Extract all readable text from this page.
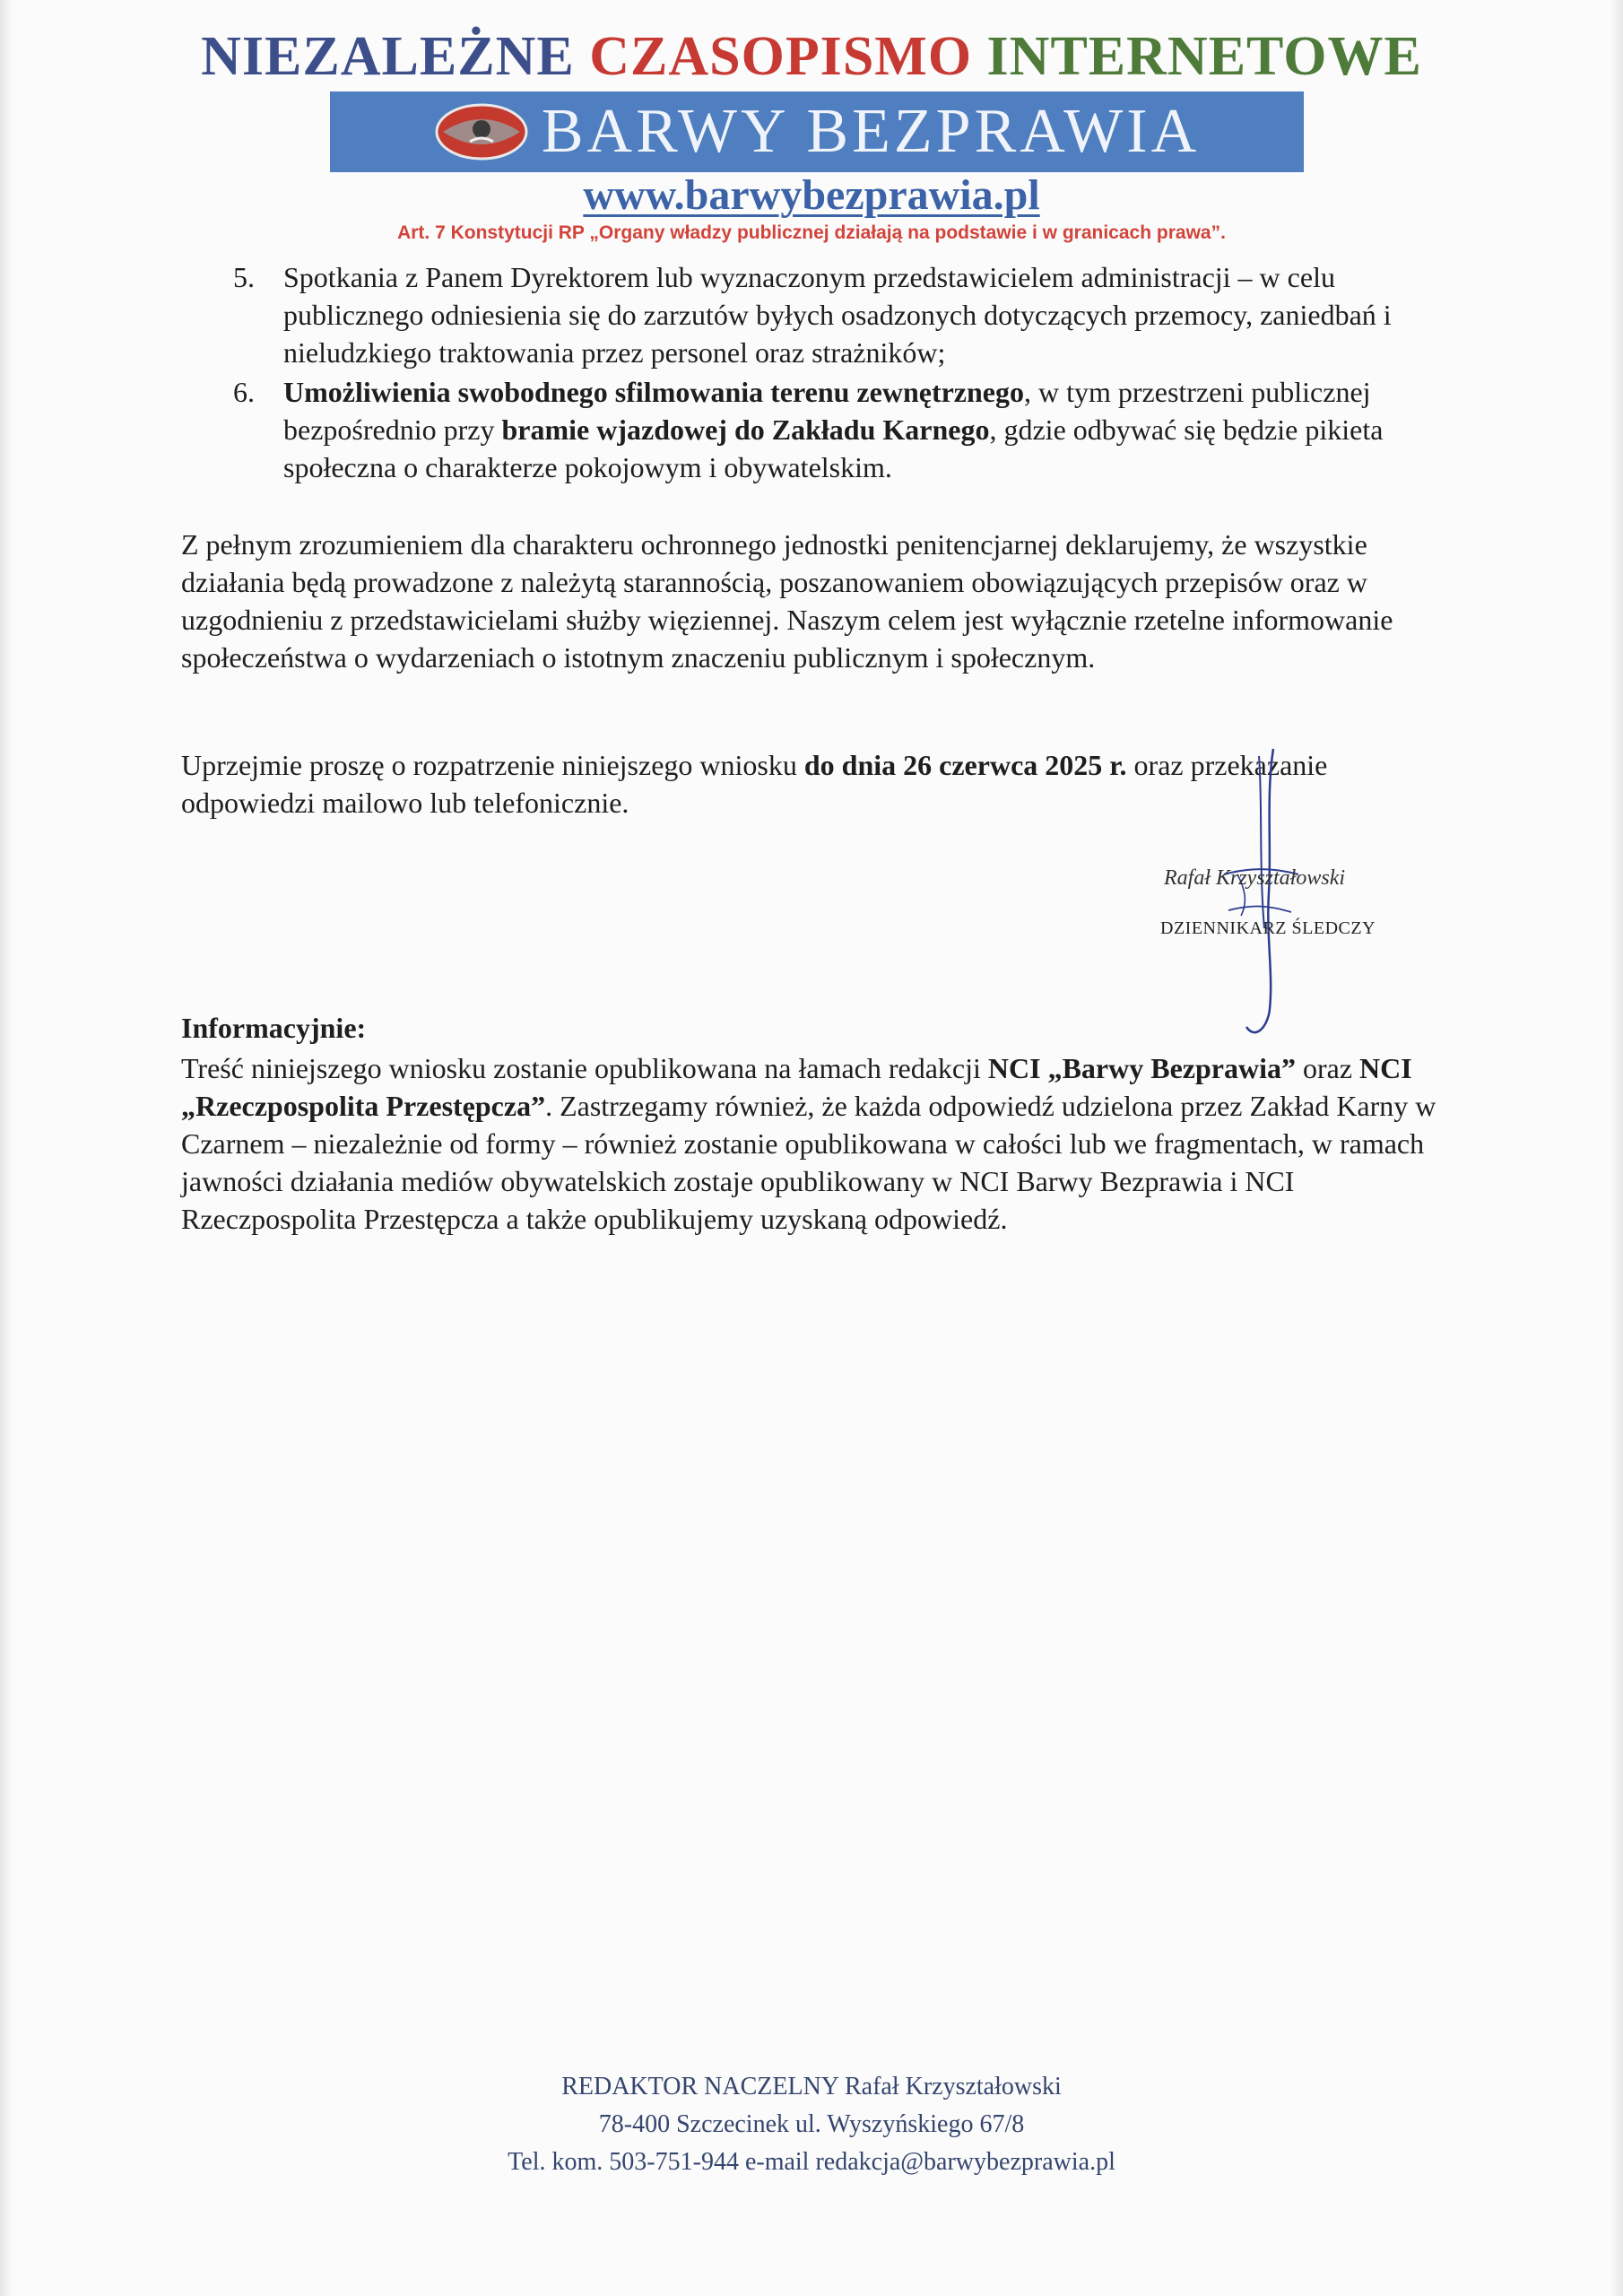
NIEZALEŻNE CZASOPISMO INTERNETOWE
BARWY BEZPRAWIA
www.barwybezprawia.pl
Art. 7 Konstytucji RP „Organy władzy publicznej działają na podstawie i w granicach prawa”.
5. Spotkania z Panem Dyrektorem lub wyznaczonym przedstawicielem administracji – w celu publicznego odniesienia się do zarzutów byłych osadzonych dotyczących przemocy, zaniedbań i nieludzkiego traktowania przez personel oraz strażników;
6. Umożliwienia swobodnego sfilmowania terenu zewnętrznego, w tym przestrzeni publicznej bezpośrednio przy bramie wjazdowej do Zakładu Karnego, gdzie odbywać się będzie pikieta społeczna o charakterze pokojowym i obywatelskim.
Z pełnym zrozumieniem dla charakteru ochronnego jednostki penitencjarnej deklarujemy, że wszystkie działania będą prowadzone z należytą starannością, poszanowaniem obowiązujących przepisów oraz w uzgodnieniu z przedstawicielami służby więziennej. Naszym celem jest wyłącznie rzetelne informowanie społeczeństwa o wydarzeniach o istotnym znaczeniu publicznym i społecznym.
Uprzejmie proszę o rozpatrzenie niniejszego wniosku do dnia 26 czerwca 2025 r. oraz przekazanie odpowiedzi mailowo lub telefonicznie.
Rafał Krzyształowski
DZIENNIKARZ ŚLEDCZY
Informacyjnie:
Treść niniejszego wniosku zostanie opublikowana na łamach redakcji NCI „Barwy Bezprawia” oraz NCI „Rzeczpospolita Przestępcza”. Zastrzegamy również, że każda odpowiedź udzielona przez Zakład Karny w Czarnem – niezależnie od formy – również zostanie opublikowana w całości lub we fragmentach, w ramach jawności działania mediów obywatelskich zostaje opublikowany w NCI Barwy Bezprawia i NCI Rzeczpospolita Przestępcza a także opublikujemy uzyskaną odpowiedź.
REDAKTOR NACZELNY Rafał Krzyształowski
78-400 Szczecinek ul. Wyszyńskiego 67/8
Tel. kom. 503-751-944 e-mail redakcja@barwybezprawia.pl
